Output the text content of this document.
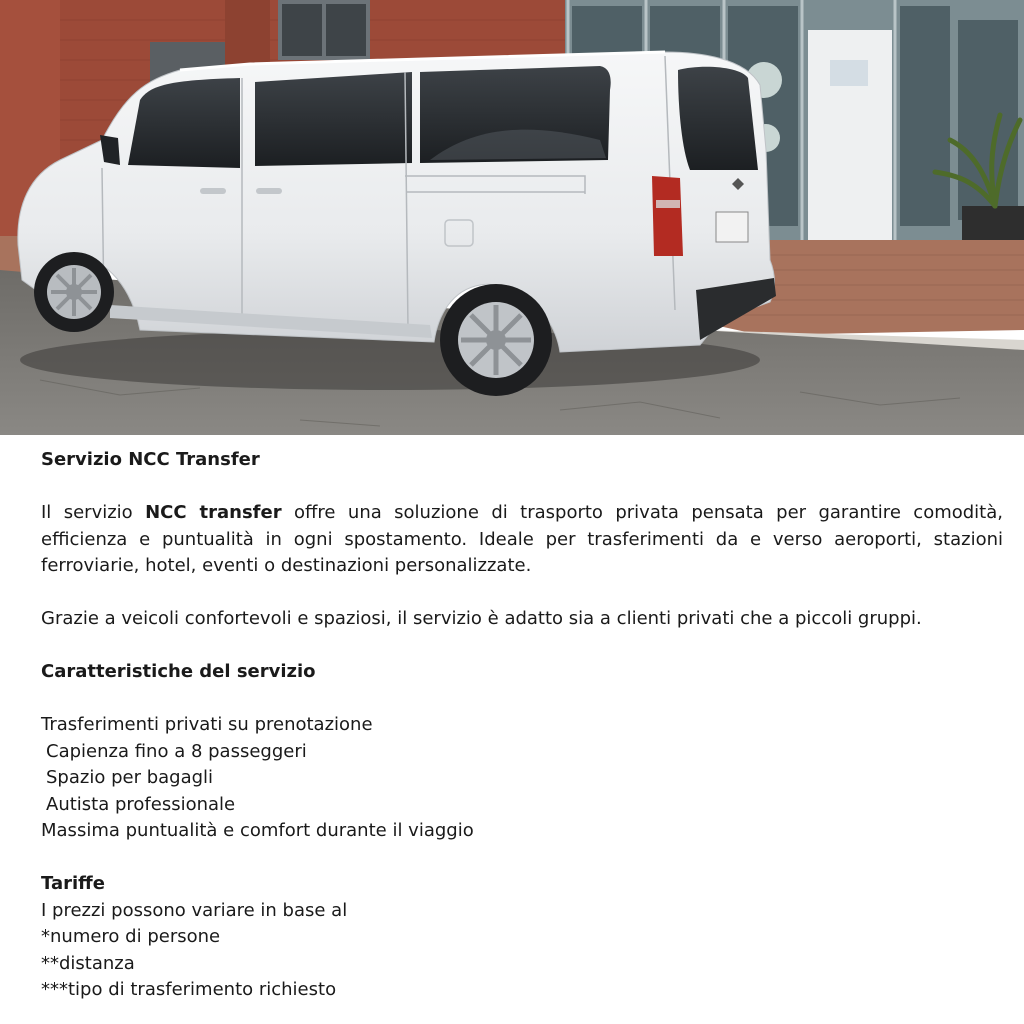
Servizio NCC Transfer

Il servizio NCC transfer offre una soluzione di trasporto privata pensata per garantire comodità, efficienza e puntualità in ogni spostamento. Ideale per trasferimenti da e verso aeroporti, stazioni ferroviarie, hotel, eventi o destinazioni personalizzate.

Grazie a veicoli confortevoli e spaziosi, il servizio è adatto sia a clienti privati che a piccoli gruppi.

Caratteristiche del servizio

Trasferimenti privati su prenotazione

Capienza fino a 8 passeggeri

Spazio per bagagli

Autista professionale

Massima puntualità e comfort durante il viaggio

Tariffe

I prezzi possono variare in base al

*numero di persone

**distanza

***tipo di trasferimento richiesto
